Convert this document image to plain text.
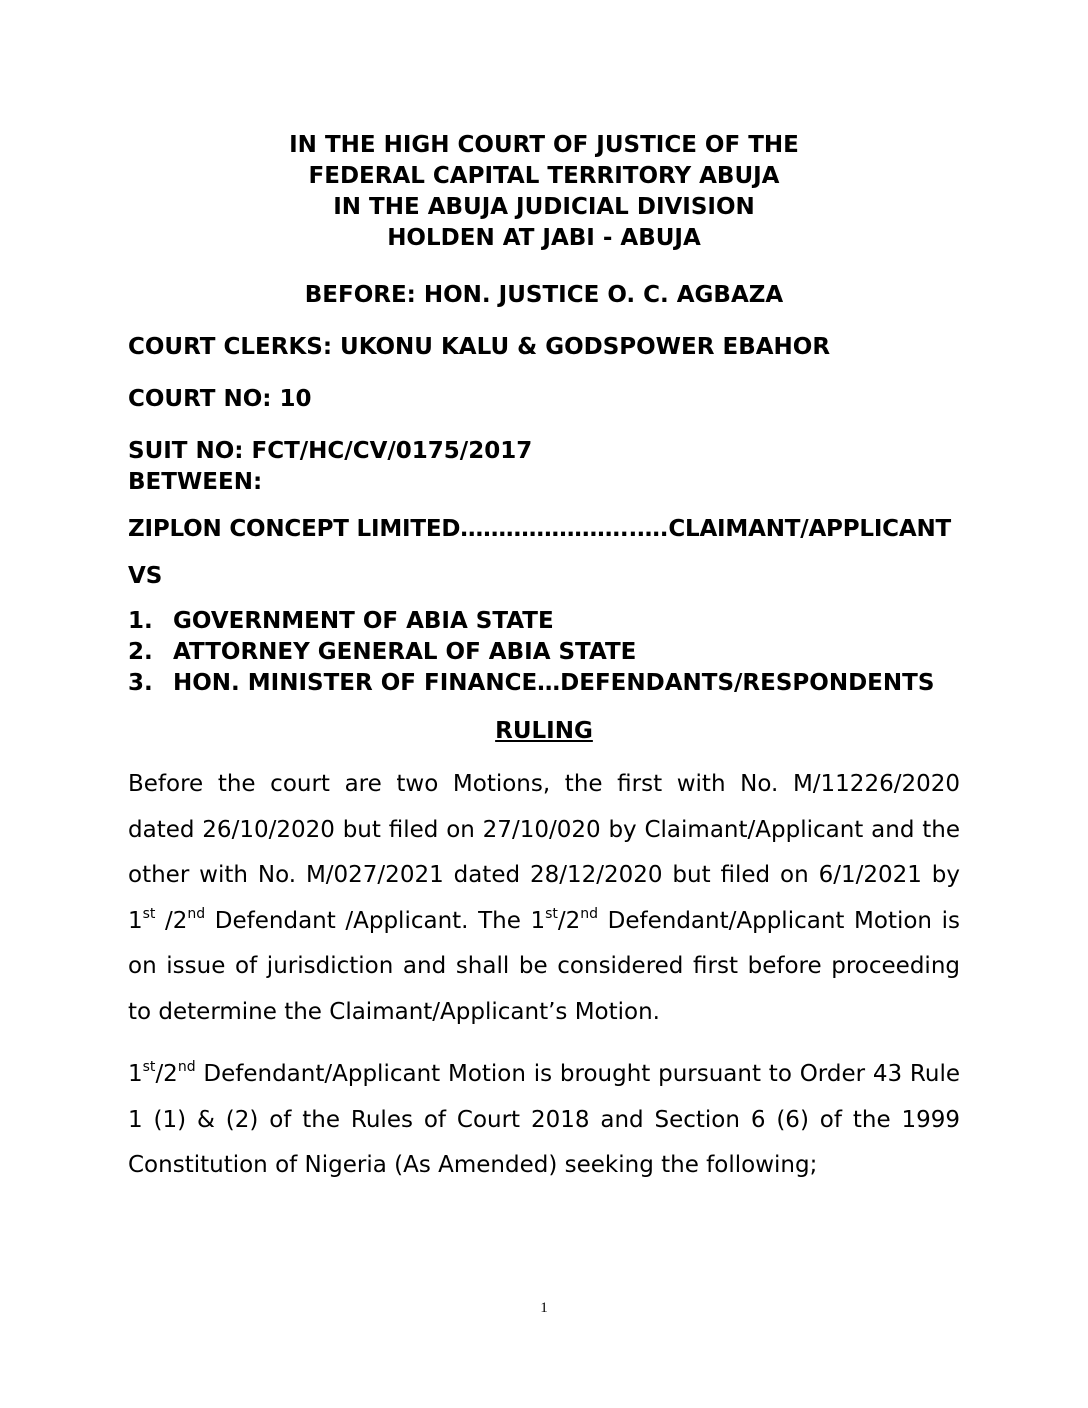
IN THE HIGH COURT OF JUSTICE OF THE
FEDERAL CAPITAL TERRITORY ABUJA
IN THE ABUJA JUDICIAL DIVISION
HOLDEN AT JABI - ABUJA
BEFORE: HON. JUSTICE O. C. AGBAZA
COURT CLERKS: UKONU KALU & GODSPOWER EBAHOR
COURT NO: 10
SUIT NO: FCT/HC/CV/0175/2017
BETWEEN:
ZIPLON CONCEPT LIMITED…………………..….CLAIMANT/APPLICANT
VS
1. GOVERNMENT OF ABIA STATE
2. ATTORNEY GENERAL OF ABIA STATE
3. HON. MINISTER OF FINANCE…DEFENDANTS/RESPONDENTS
RULING

Before the court are two Motions, the first with No. M/11226/2020 dated 26/10/2020 but filed on 27/10/020 by Claimant/Applicant and the other with No. M/027/2021 dated 28/12/2020 but filed on 6/1/2021 by 1st /2nd Defendant /Applicant. The 1st/2nd Defendant/Applicant Motion is on issue of jurisdiction and shall be considered first before proceeding to determine the Claimant/Applicant’s Motion.

1st/2nd Defendant/Applicant Motion is brought pursuant to Order 43 Rule 1 (1) & (2) of the Rules of Court 2018 and Section 6 (6) of the 1999 Constitution of Nigeria (As Amended) seeking the following;

1
